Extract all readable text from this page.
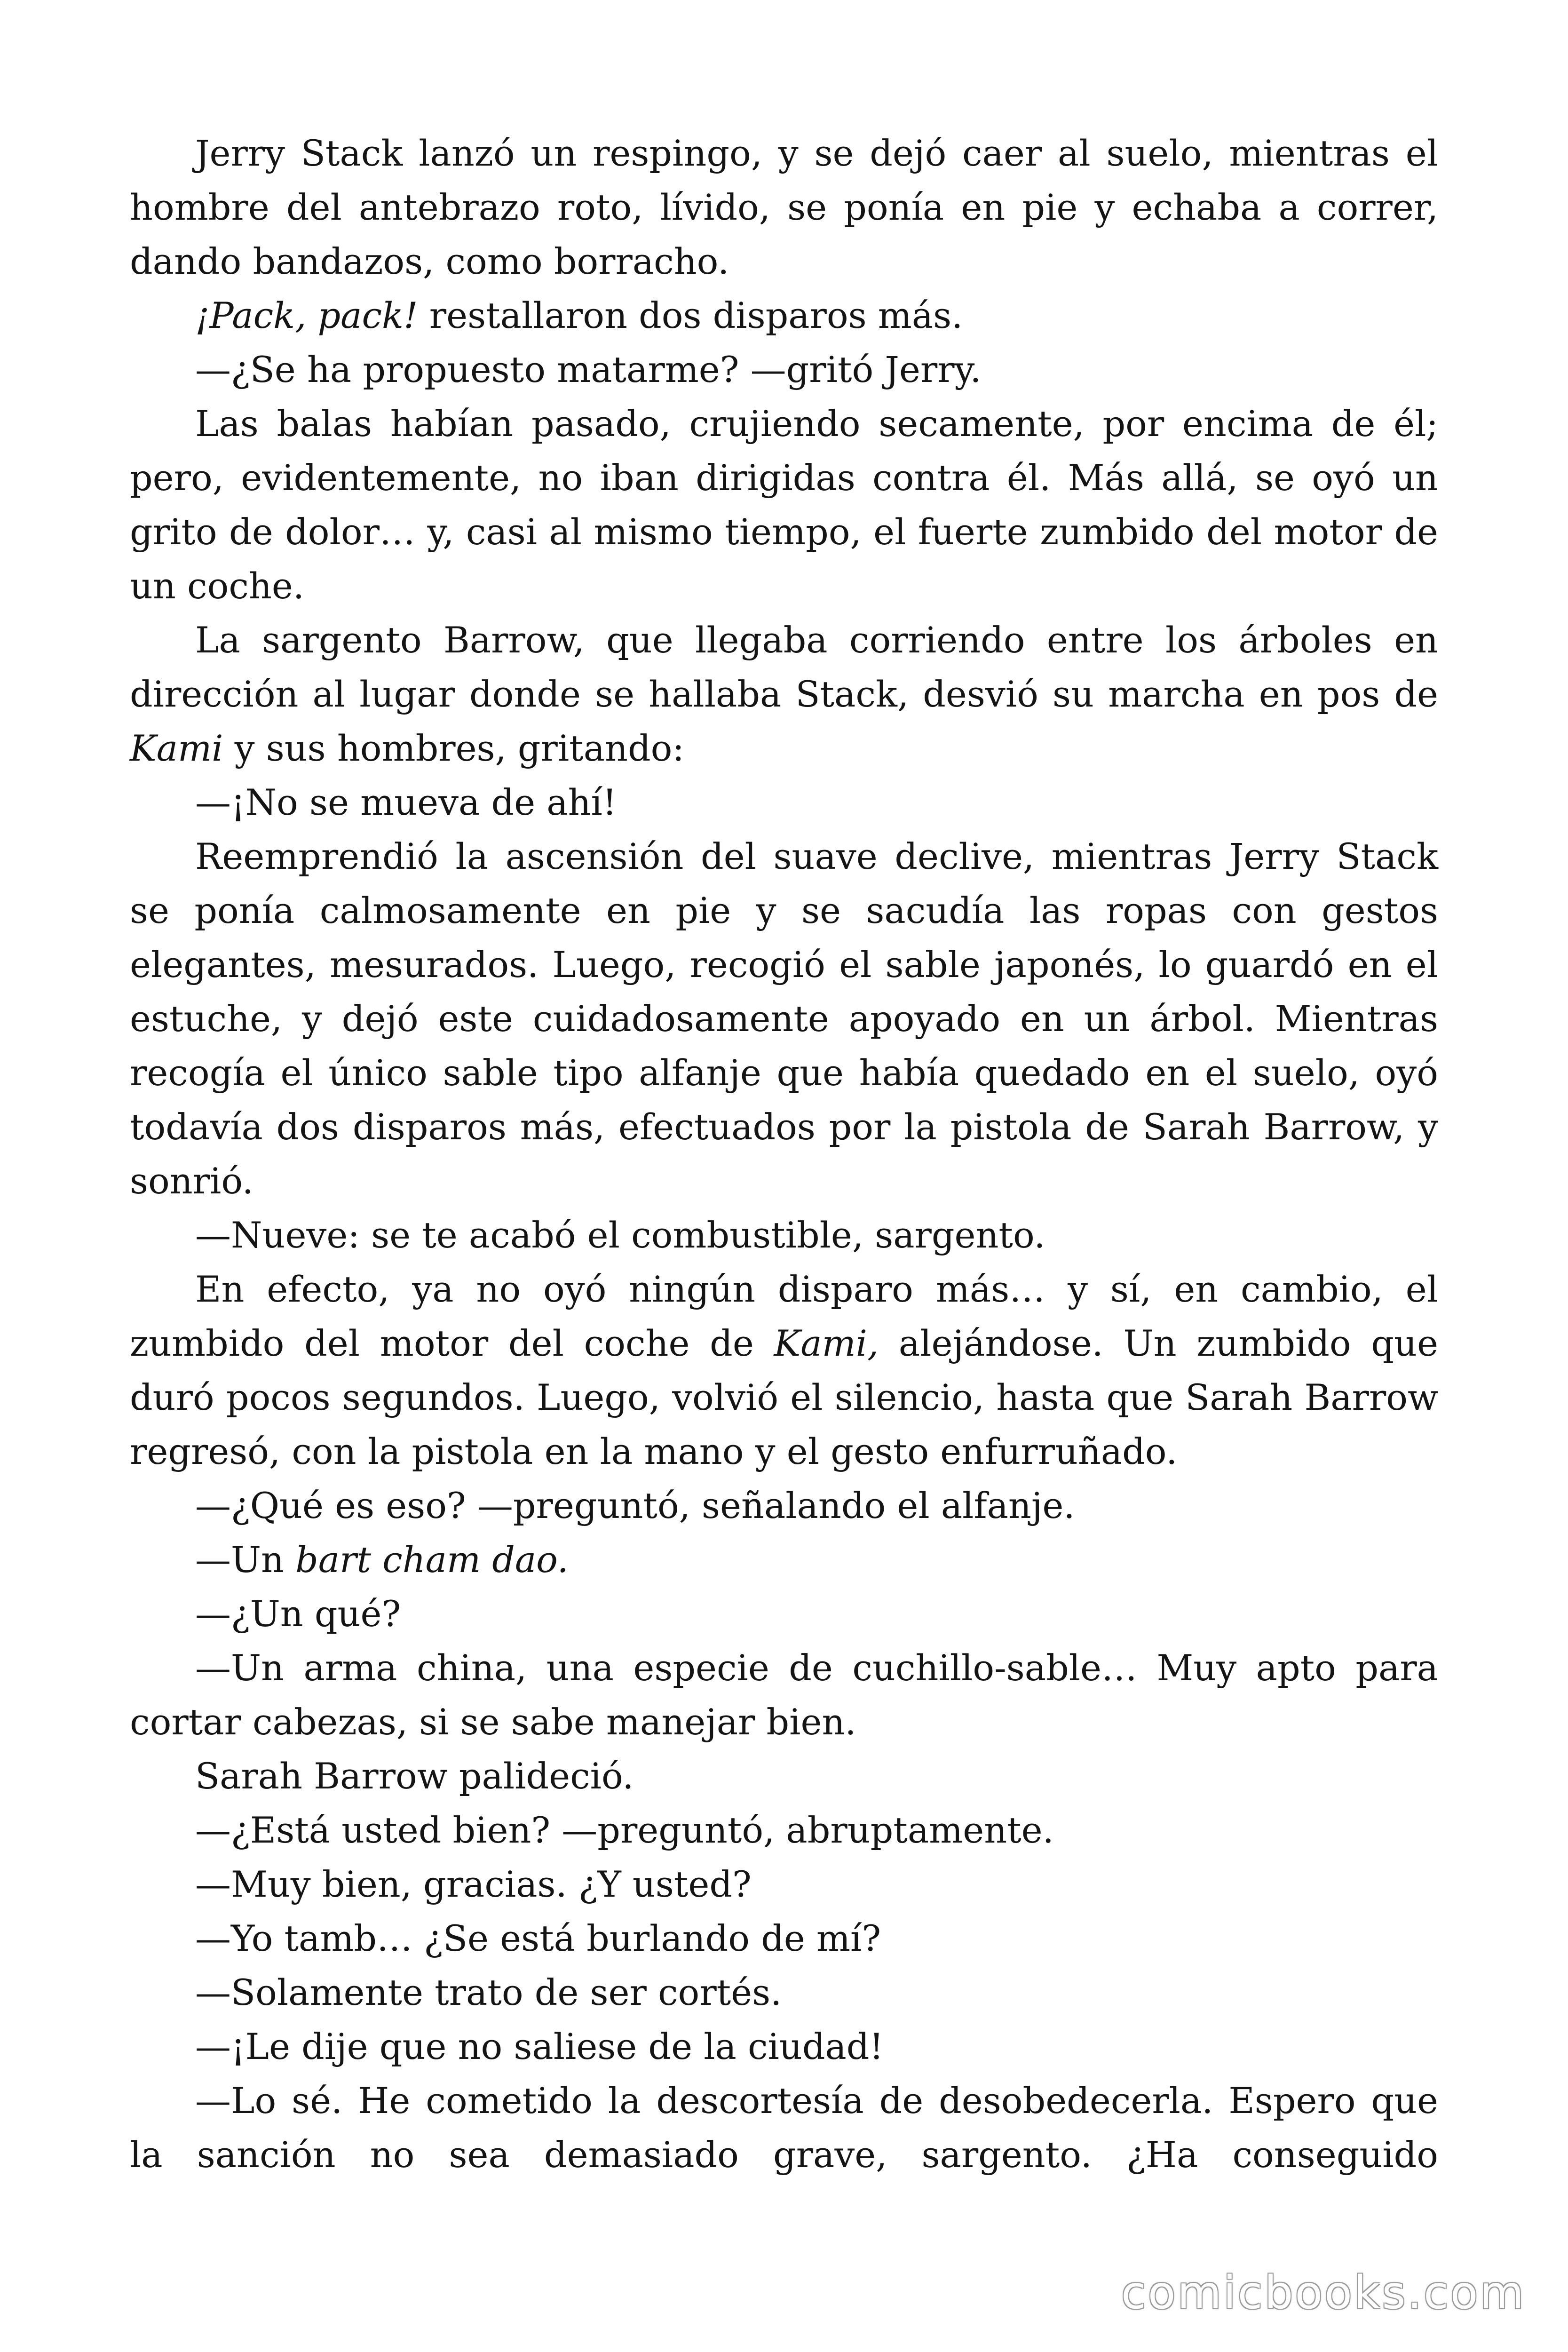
Jerry Stack lanzó un respingo, y se dejó caer al suelo, mientras el hombre del antebrazo roto, lívido, se ponía en pie y echaba a correr, dando bandazos, como borracho.

¡Pack, pack! restallaron dos disparos más.

—¿Se ha propuesto matarme? —gritó Jerry.

Las balas habían pasado, crujiendo secamente, por encima de él; pero, evidentemente, no iban dirigidas contra él. Más allá, se oyó un grito de dolor… y, casi al mismo tiempo, el fuerte zumbido del motor de un coche.

La sargento Barrow, que llegaba corriendo entre los árboles en dirección al lugar donde se hallaba Stack, desvió su marcha en pos de Kami y sus hombres, gritando:

—¡No se mueva de ahí!

Reemprendió la ascensión del suave declive, mientras Jerry Stack se ponía calmosamente en pie y se sacudía las ropas con gestos elegantes, mesurados. Luego, recogió el sable japonés, lo guardó en el estuche, y dejó este cuidadosamente apoyado en un árbol. Mientras recogía el único sable tipo alfanje que había quedado en el suelo, oyó todavía dos disparos más, efectuados por la pistola de Sarah Barrow, y sonrió.

—Nueve: se te acabó el combustible, sargento.

En efecto, ya no oyó ningún disparo más… y sí, en cambio, el zumbido del motor del coche de Kami, alejándose. Un zumbido que duró pocos segundos. Luego, volvió el silencio, hasta que Sarah Barrow regresó, con la pistola en la mano y el gesto enfurruñado.

—¿Qué es eso? —preguntó, señalando el alfanje.

—Un bart cham dao.

—¿Un qué?

—Un arma china, una especie de cuchillo-sable… Muy apto para cortar cabezas, si se sabe manejar bien.

Sarah Barrow palideció.

—¿Está usted bien? —preguntó, abruptamente.

—Muy bien, gracias. ¿Y usted?

—Yo tamb… ¿Se está burlando de mí?

—Solamente trato de ser cortés.

—¡Le dije que no saliese de la ciudad!

—Lo sé. He cometido la descortesía de desobedecerla. Espero que la sanción no sea demasiado grave, sargento. ¿Ha conseguido

comicbooks.com
